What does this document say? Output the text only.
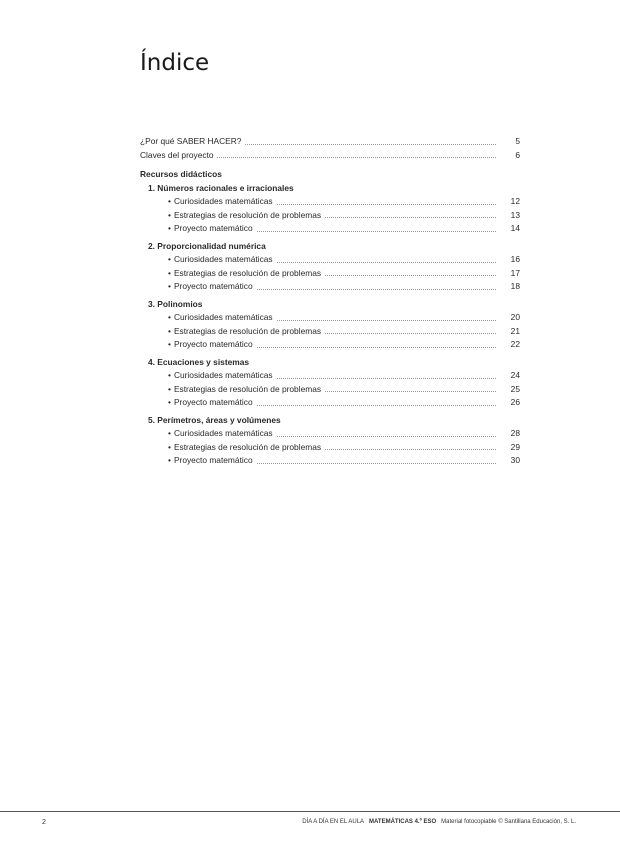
Índice
¿Por qué SABER HACER?	5
Claves del proyecto	6
Recursos didácticos
1. Números racionales e irracionales
• Curiosidades matemáticas	12
• Estrategias de resolución de problemas	13
• Proyecto matemático	14
2. Proporcionalidad numérica
• Curiosidades matemáticas	16
• Estrategias de resolución de problemas	17
• Proyecto matemático	18
3. Polinomios
• Curiosidades matemáticas	20
• Estrategias de resolución de problemas	21
• Proyecto matemático	22
4. Ecuaciones y sistemas
• Curiosidades matemáticas	24
• Estrategias de resolución de problemas	25
• Proyecto matemático	26
5. Perímetros, áreas y volúmenes
• Curiosidades matemáticas	28
• Estrategias de resolución de problemas	29
• Proyecto matemático	30
2	DÍA A DÍA EN EL AULA MATEMÁTICAS 4.º ESO Material fotocopiable © Santillana Educación, S. L.
